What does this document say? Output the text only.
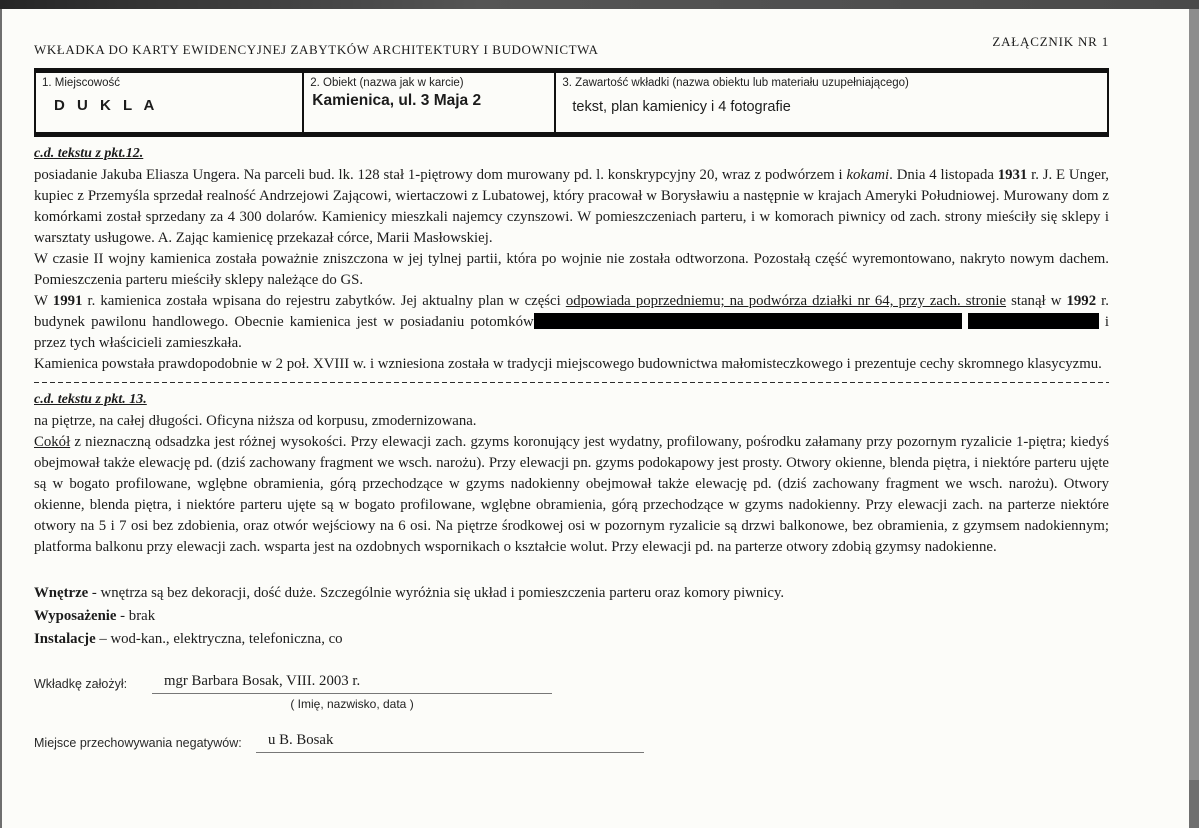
WKŁADKA DO KARTY EWIDENCYJNEJ ZABYTKÓW ARCHITEKTURY I BUDOWNICTWA
ZAŁĄCZNIK NR 1
1. Miejscowość
D U K L A

2. Obiekt (nazwa jak w karcie)
Kamienica, ul. 3 Maja 2

3. Zawartość wkładki (nazwa obiektu lub materiału uzupełniającego)
tekst, plan kamienicy i 4 fotografie
c.d. tekstu z pkt.12.
posiadanie Jakuba Eliasza Ungera. Na parceli bud. lk. 128 stał 1-piętrowy dom murowany pd. l. konskrypcyjny 20, wraz z podwórzem i kokami. Dnia 4 listopada 1931 r. J. E Unger, kupiec z Przemyśla sprzedał realność Andrzejowi Zającowi, wiertaczowi z Lubatowej, który pracował w Borysławiu a następnie w krajach Ameryki Południowej. Murowany dom z komórkami został sprzedany za 4 300 dolarów. Kamienicy mieszkali najemcy czynszowi. W pomieszczeniach parteru, i w komorach piwnicy od zach. strony mieściły się sklepy i warsztaty usługowe. A. Zając kamienicę przekazał córce, Marii Masłowskiej.
W czasie II wojny kamienica została poważnie zniszczona w jej tylnej partii, która po wojnie nie została odtworzona. Pozostałą część wyremontowano, nakryto nowym dachem. Pomieszczenia parteru mieściły sklepy należące do GS.
W 1991 r. kamienica została wpisana do rejestru zabytków. Jej aktualny plan w części odpowiada poprzedniemu; na podwórza działki nr 64, przy zach. stronie stanął w 1992 r. budynek pawilonu handlowego. Obecnie kamienica jest w posiadaniu potomków	i przez tych właścicieli zamieszkała.
Kamienica powstała prawdopodobnie w 2 poł. XVIII w. i wzniesiona została w tradycji miejscowego budownictwa małomisteczkowego i prezentuje cechy skromnego klasycyzmu.
c.d. tekstu z pkt. 13.
na piętrze, na całej długości. Oficyna niższa od korpusu, zmodernizowana.
Cokół z nieznaczną odsadzka jest różnej wysokości. Przy elewacji zach. gzyms koronujący jest wydatny, profilowany, pośrodku załamany przy pozornym ryzalicie 1-piętra; kiedyś obejmował także elewację pd. (dziś zachowany fragment we wsch. narożu). Przy elewacji pn. gzyms podokapowy jest prosty. Otwory okienne, blenda piętra, i niektóre parteru ujęte są w bogato profilowane, wglębne obramienia, górą przechodzące w gzyms nadokienny obejmował także elewację pd. (dziś zachowany fragment we wsch. narożu). Otwory okienne, blenda piętra, i niektóre parteru ujęte są w bogato profilowane, wglębne obramienia, górą przechodzące w gzyms nadokienny. Przy elewacji zach. na parterze niektóre otwory na 5 i 7 osi bez zdobienia, oraz otwór wejściowy na 6 osi. Na piętrze środkowej osi w pozornym ryzalicie są drzwi balkonowe, bez obramienia, z gzymsem nadokiennym; platforma balkonu przy elewacji zach. wsparta jest na ozdobnych wspornikach o kształcie wolut. Przy elewacji pd. na parterze otwory zdobią gzymsy nadokienne.
Wnętrze - wnętrza są bez dekoracji, dość duże. Szczególnie wyróżnia się układ i pomieszczenia parteru oraz komory piwnicy.
Wyposażenie - brak
Instalacje – wod-kan., elektryczna, telefoniczna, co
Wkładkę założył:	mgr Barbara Bosak, VIII. 2003 r.
( Imię, nazwisko, data )
Miejsce przechowywania negatywów:	u B. Bosak
